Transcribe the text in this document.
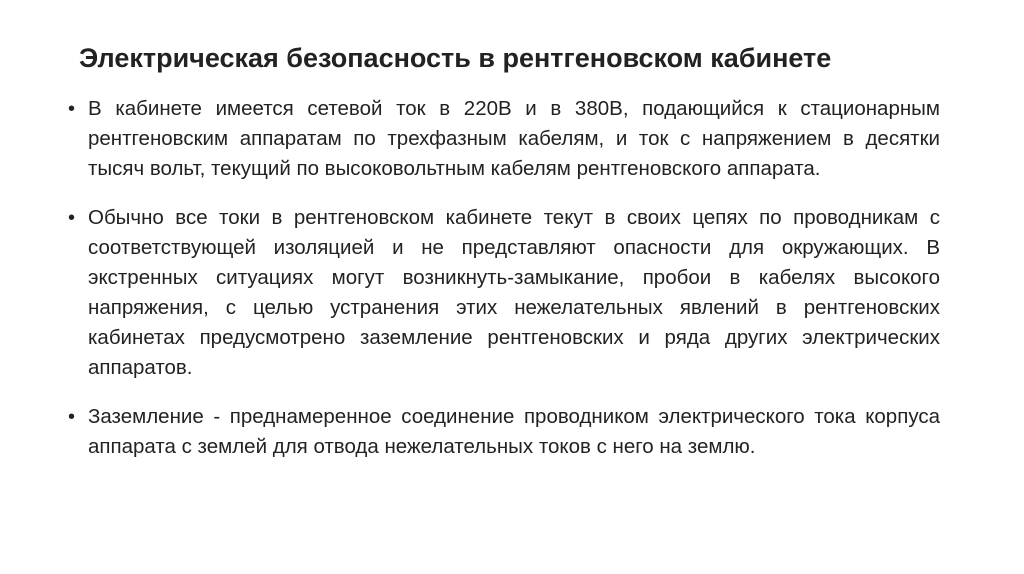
Электрическая безопасность в рентгеновском кабинете
• В кабинете имеется сетевой ток в 220В и в 380В, подающийся к стационарным рентгеновским аппаратам по трехфазным кабелям, и ток с напряжением в десятки тысяч вольт, текущий по высоковольтным кабелям рентгеновского аппарата.
• Обычно все токи в рентгеновском кабинете текут в своих цепях по проводникам с соответствующей изоляцией и не представляют опасности для окружающих. В экстренных ситуациях могут возникнуть-замыкание, пробои в кабелях высокого напряжения, с целью устранения этих нежелательных явлений в рентгеновских кабинетах предусмотрено заземление рентгеновских и ряда других электрических аппаратов.
• Заземление - преднамеренное соединение проводником электрического тока корпуса аппарата с землей для отвода нежелательных токов с него на землю.
